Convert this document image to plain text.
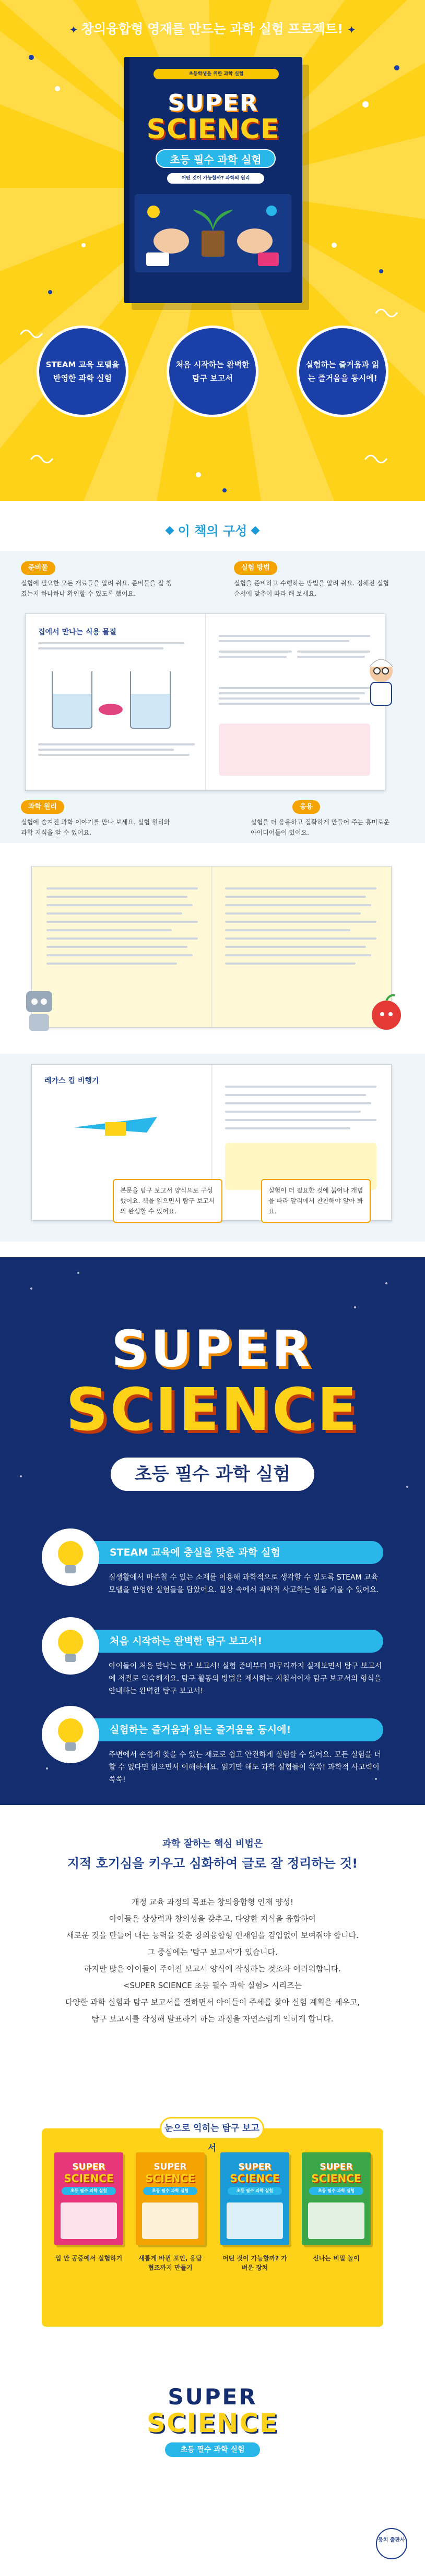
✦ 창의융합형 영재를 만드는 과학 실험 프로젝트! ✦
초등학생을 위한 과학 실험
SUPER
SCIENCE
초등 필수 과학 실험
어떤 것이 가능할까? 과학의 원리
STEAM 교육 모델을 반영한 과학 실험
처음 시작하는 완벽한 탐구 보고서
실험하는 즐거움과 읽는 즐거움을 동시에!
이 책의 구성
준비물
실험에 필요한 모든 재료들을 알려 줘요. 준비물을 잘 챙겼는지 하나하나 확인할 수 있도록 했어요.
실험 방법
실험을 준비하고 수행하는 방법을 알려 줘요. 정해진 실험 순서에 맞추어 따라 해 보세요.
집에서 만나는 식용 물질
과학 원리
실험에 숨겨진 과학 이야기를 만나 보세요. 실험 원리와 과학 지식을 알 수 있어요.
응용
실험을 더 응용하고 질확하게 만들어 주는 흥미로운 아이디어들이 있어요.
레가스 컵 비행기
본문을 탐구 보고서 양식으로 구성했어요. 책을 읽으면서 탐구 보고서의 완성할 수 있어요.
실험이 더 필요한 것에 붉어나 개념을 따라 알리에서 찬찬해야 알아 봐요.
SUPER
SCIENCE
초등 필수 과학 실험
STEAM 교육에 충실을 맞춘 과학 실험
실생활에서 마주칠 수 있는 소재를 이용해 과학적으로 생각할 수 있도록 STEAM 교육 모델을 반영한 실험들을 담았어요. 일상 속에서 과학적 사고하는 힘을 키울 수 있어요.
처음 시작하는 완벽한 탐구 보고서!
아이들이 처음 만나는 탐구 보고서! 실험 준비부터 마무리까지 실제보면서 탐구 보고서에 저절로 익숙해져요. 탐구 활동의 방법을 제시하는 지침서이자 탐구 보고서의 형식을 안내하는 완벽한 탐구 보고서!
실험하는 즐거움과 읽는 즐거움을 동시에!
주변에서 손쉽게 찾을 수 있는 재료로 쉽고 안전하게 실험할 수 있어요. 모든 실험을 더 할 수 없다면 읽으면서 이해하세요. 읽기만 해도 과학 실험들이 쏙쏙! 과학적 사고력이 쑥쑥!
과학 잘하는 핵심 비법은
지적 호기심을 키우고 심화하여 글로 잘 정리하는 것!

개정 교육 과정의 목표는 창의융합형 인재 양성!

아이들은 상상력과 창의성을 갖추고, 다양한 지식을 융합하여

새로운 것을 만들어 내는 능력을 갖춘 창의융합형 인재임을 검입없이 보여줘야 합니다.

그 중심에는 '탐구 보고서'가 있습니다.

하지만 많은 아이들이 주어진 보고서 양식에 작성하는 것조차 어려워합니다.

<SUPER SCIENCE 초등 필수 과학 실험> 시리즈는

다양한 과학 실험과 탐구 보고서를 결하면서 아이들이 주세를 찾아 실험 계획을 세우고,

탐구 보고서를 작성해 발표하기 하는 과정을 자연스럽게 익히게 합니다.

눈으로 익히는 탐구 보고서
SUPER
SCIENCE
초등 필수 과학 실험
입 안 공중에서 실험하기
SUPER
SCIENCE
초등 필수 과학 실험
새롭게 바뀐 포인, 응답 협조까지 만들기
SUPER
SCIENCE
초등 필수 과학 실험
어떤 것이 가능할까? 가벼운 장치
SUPER
SCIENCE
초등 필수 과학 실험
신나는 비밀 놀이
SUPER
SCIENCE
초등 필수 과학 실험
뭉치 출판사
